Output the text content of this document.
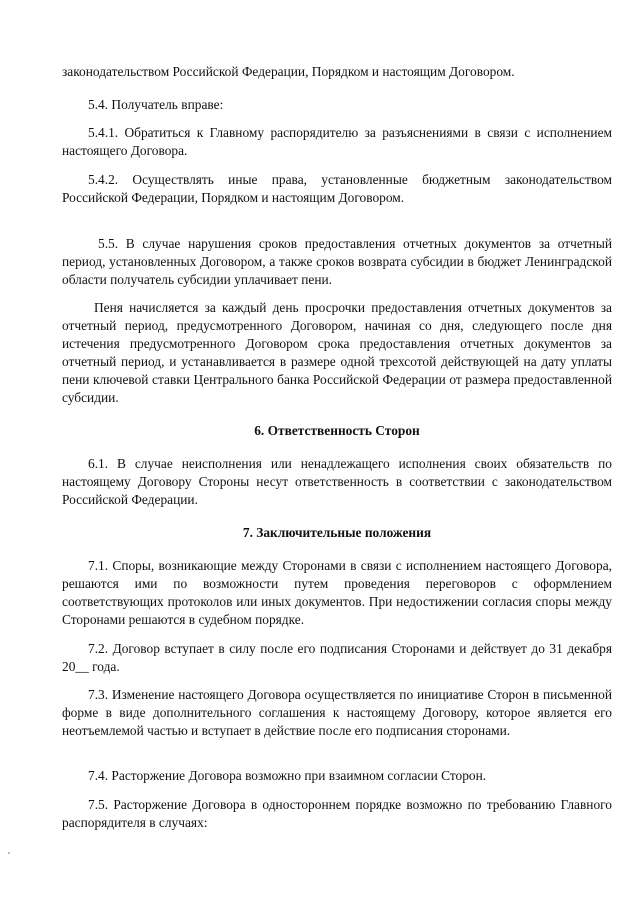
законодательством Российской Федерации, Порядком и настоящим Договором.

5.4. Получатель вправе:

5.4.1. Обратиться к Главному распорядителю за разъяснениями в связи с исполнением настоящего Договора.

5.4.2. Осуществлять иные права, установленные бюджетным законодательством Российской Федерации, Порядком и настоящим Договором.

5.5. В случае нарушения сроков предоставления отчетных документов за отчетный период, установленных Договором, а также сроков возврата субсидии в бюджет Ленинградской области получатель субсидии уплачивает пени.

Пеня начисляется за каждый день просрочки предоставления отчетных документов за отчетный период, предусмотренного Договором, начиная со дня, следующего после дня истечения предусмотренного Договором срока предоставления отчетных документов за отчетный период, и устанавливается в размере одной трехсотой действующей на дату уплаты пени ключевой ставки Центрального банка Российской Федерации от размера предоставленной субсидии.

6. Ответственность Сторон

6.1. В случае неисполнения или ненадлежащего исполнения своих обязательств по настоящему Договору Стороны несут ответственность в соответствии с законодательством Российской Федерации.

7. Заключительные положения

7.1. Споры, возникающие между Сторонами в связи с исполнением настоящего Договора, решаются ими по возможности путем проведения переговоров с оформлением соответствующих протоколов или иных документов. При недостижении согласия споры между Сторонами решаются в судебном порядке.

7.2. Договор вступает в силу после его подписания Сторонами и действует до 31 декабря 20__ года.

7.3. Изменение настоящего Договора осуществляется по инициативе Сторон в письменной форме в виде дополнительного соглашения к настоящему Договору, которое является его неотъемлемой частью и вступает в действие после его подписания сторонами.

7.4. Расторжение Договора возможно при взаимном согласии Сторон.

7.5. Расторжение Договора в одностороннем порядке возможно по требованию Главного распорядителя в случаях:
